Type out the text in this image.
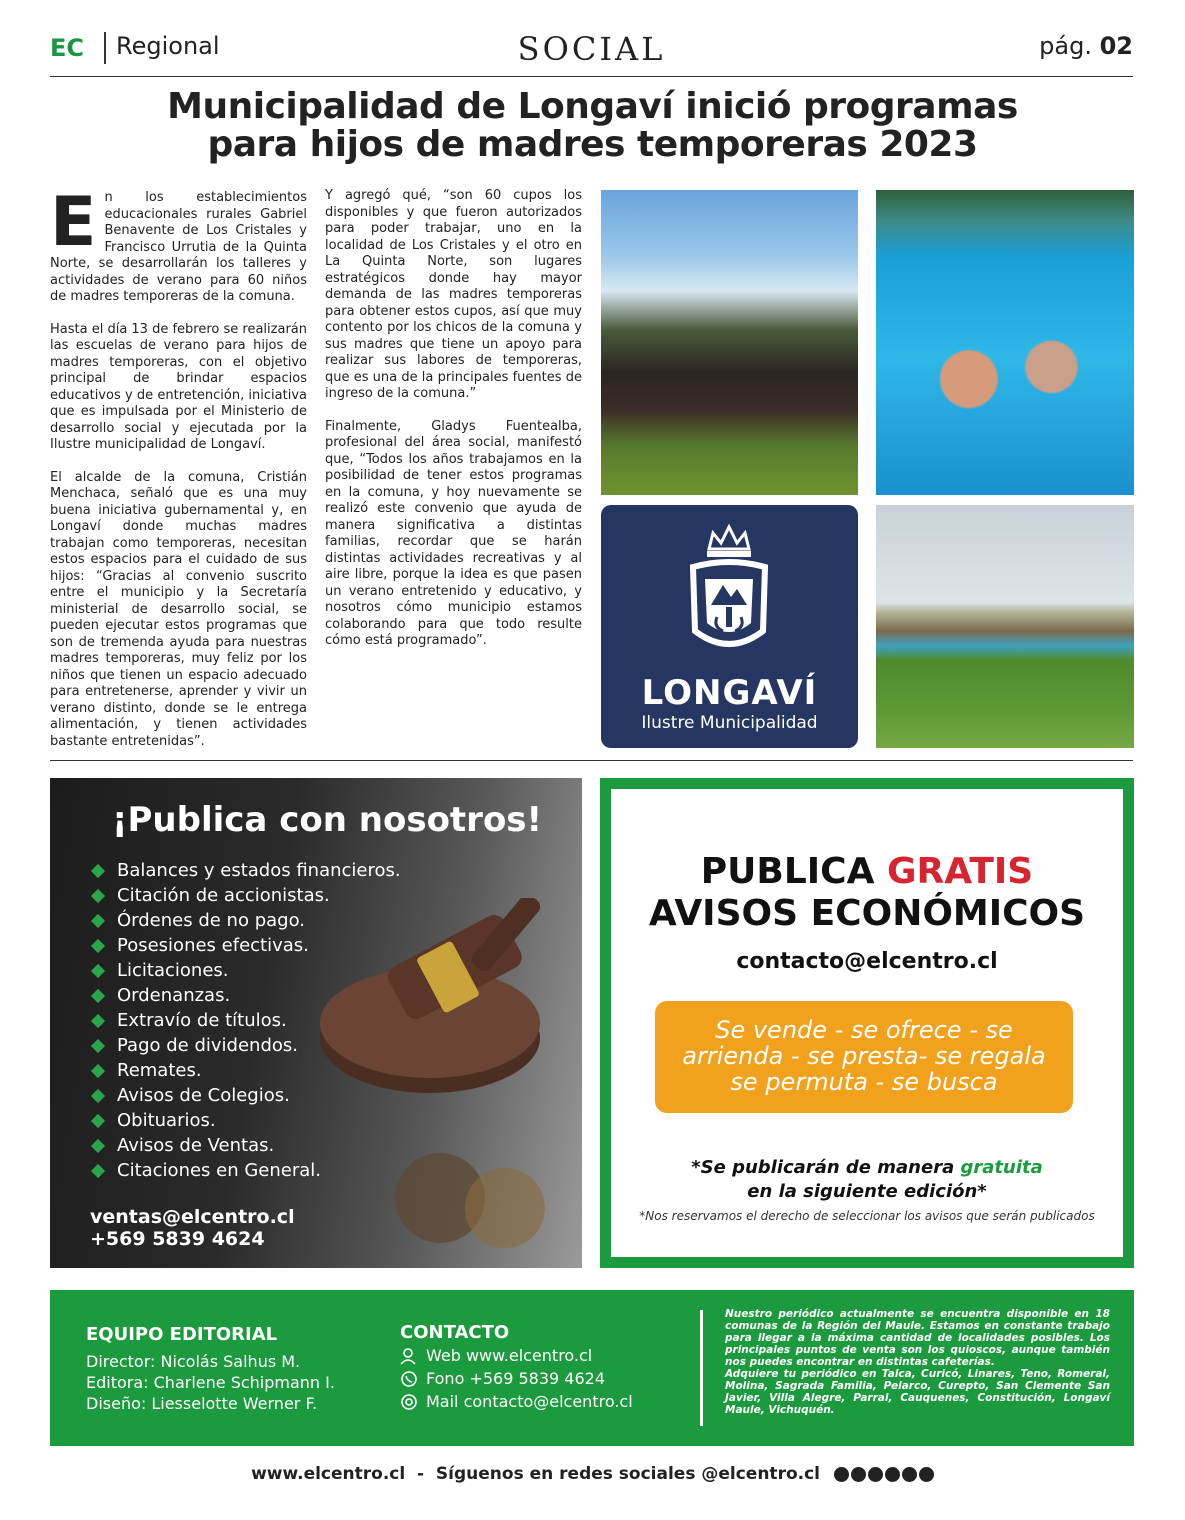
EC Regional	SOCIAL	pág. 02
Municipalidad de Longaví inició programas
para hijos de madres temporeras 2023

En los establecimientos educacionales rurales Gabriel Benavente de Los Cristales y Francisco Urrutia de la Quinta Norte, se desarrollarán los talleres y actividades de verano para 60 niños de madres temporeras de la comuna.

Hasta el día 13 de febrero se realizarán las escuelas de verano para hijos de madres temporeras, con el objetivo principal de brindar espacios educativos y de entretención, iniciativa que es impulsada por el Ministerio de desarrollo social y ejecutada por la Ilustre municipalidad de Longaví.

El alcalde de la comuna, Cristián Menchaca, señaló que es una muy buena iniciativa gubernamental y, en Longaví donde muchas madres trabajan como temporeras, necesitan estos espacios para el cuidado de sus hijos: “Gracias al convenio suscrito entre el municipio y la Secretaría ministerial de desarrollo social, se pueden ejecutar estos programas que son de tremenda ayuda para nuestras madres temporeras, muy feliz por los niños que tienen un espacio adecuado para entretenerse, aprender y vivir un verano distinto, donde se le entrega alimentación, y tienen actividades bastante entretenidas”.

Y agregó qué, “son 60 cupos los disponibles y que fueron autorizados para poder trabajar, uno en la localidad de Los Cristales y el otro en La Quinta Norte, son lugares estratégicos donde hay mayor demanda de las madres temporeras para obtener estos cupos, así que muy contento por los chicos de la comuna y sus madres que tiene un apoyo para realizar sus labores de temporeras, que es una de la principales fuentes de ingreso de la comuna.”

Finalmente, Gladys Fuentealba, profesional del área social, manifestó que, “Todos los años trabajamos en la posibilidad de tener estos programas en la comuna, y hoy nuevamente se realizó este convenio que ayuda de manera significativa a distintas familias, recordar que se harán distintas actividades recreativas y al aire libre, porque la idea es que pasen un verano entretenido y educativo, y nosotros cómo municipio estamos colaborando para que todo resulte cómo está programado”.

LONGAVÍ
Ilustre Municipalidad
¡Publica con nosotros!
Balances y estados financieros.
Citación de accionistas.
Órdenes de no pago.
Posesiones efectivas.
Licitaciones.
Ordenanzas.
Extravío de títulos.
Pago de dividendos.
Remates.
Avisos de Colegios.
Obituarios.
Avisos de Ventas.
Citaciones en General.
ventas@elcentro.cl
+569 5839 4624
PUBLICA GRATIS
AVISOS ECONÓMICOS
contacto@elcentro.cl
Se vende - se ofrece - se
arrienda - se presta- se regala
se permuta - se busca
*Se publicarán de manera gratuita
en la siguiente edición*
*Nos reservamos el derecho de seleccionar los avisos que serán publicados
EQUIPO EDITORIAL
Director: Nicolás Salhus M.
Editora: Charlene Schipmann I.
Diseño: Liesselotte Werner F.
CONTACTO
Web www.elcentro.cl
Fono +569 5839 4624
Mail contacto@elcentro.cl
Nuestro periódico actualmente se encuentra disponible en 18 comunas de la Región del Maule. Estamos en constante trabajo para llegar a la máxima cantidad de localidades posibles. Los principales puntos de venta son los quioscos, aunque también nos puedes encontrar en distintas cafeterías.
Adquiere tu periódico en Talca, Curicó, Linares, Teno, Romeral, Molina, Sagrada Familia, Pelarco, Curepto, San Clemente San Javier, Villa Alegre, Parral, Cauquenes, Constitución, Longaví Maule, Vichuquén.
www.elcentro.cl  -  Síguenos en redes sociales @elcentro.cl
